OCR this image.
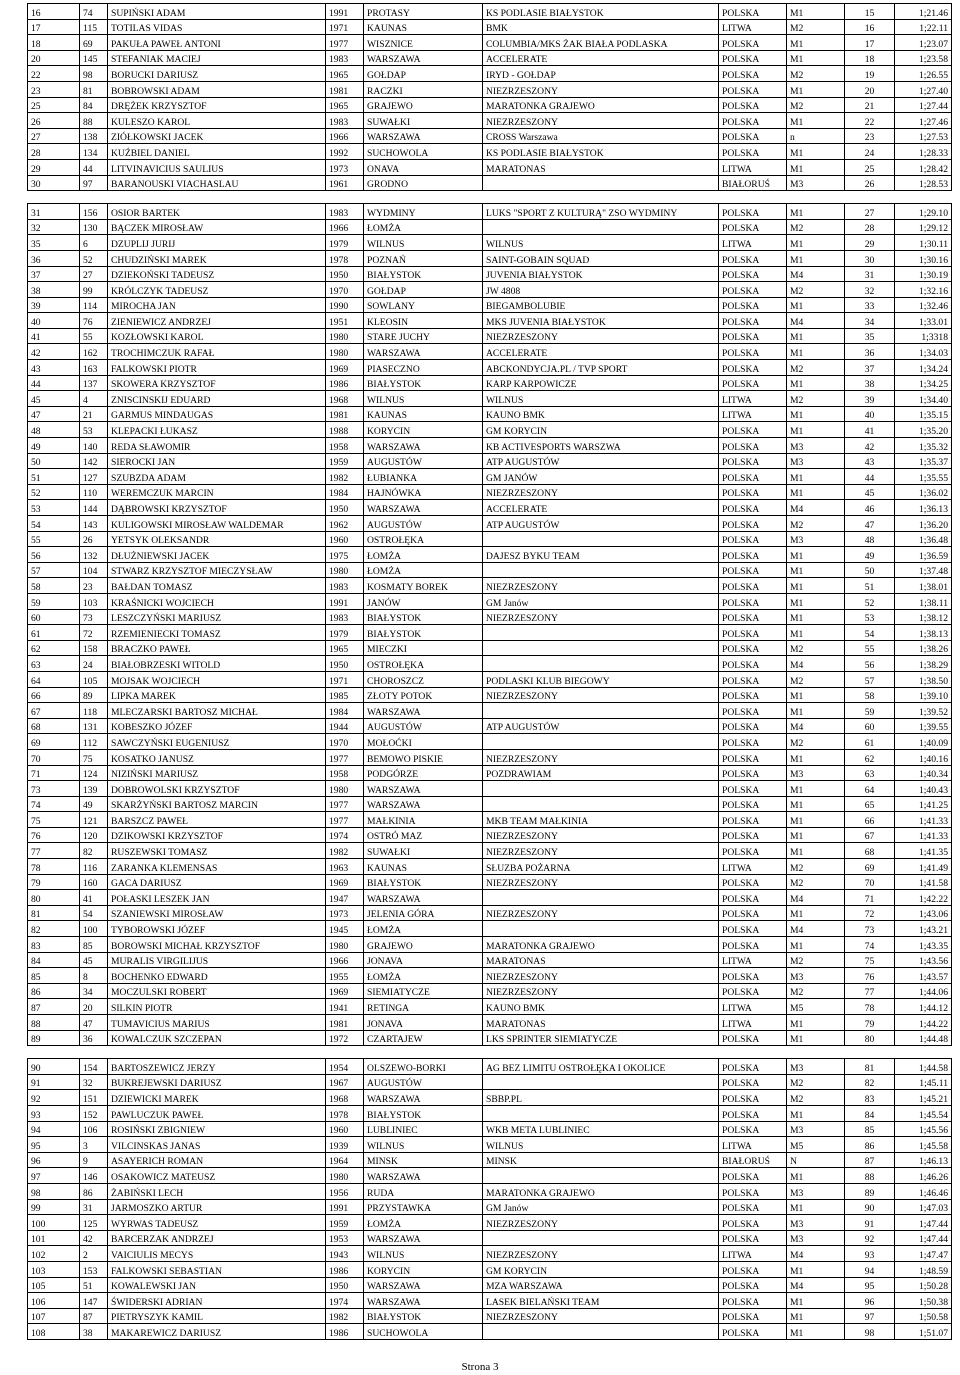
16	74	SUPIŃSKI ADAM	1991	PROTASY	KS PODLASIE BIAŁYSTOK	POLSKA	M1	15	1;21.46
17	115	TOTILAS VIDAS	1971	KAUNAS	BMK	LITWA	M2	16	1;22.11
18	69	PAKUŁA PAWEŁ ANTONI	1977	WISZNICE	COLUMBIA/MKS ŻAK BIAŁA PODLASKA	POLSKA	M1	17	1;23.07
20	145	STEFANIAK MACIEJ	1983	WARSZAWA	ACCELERATE	POLSKA	M1	18	1;23.58
22	98	BORUCKI DARIUSZ	1965	GOŁDAP	IRYD - GOŁDAP	POLSKA	M2	19	1;26.55
23	81	BOBROWSKI ADAM	1981	RACZKI	NIEZRZESZONY	POLSKA	M1	20	1;27.40
25	84	DRĘŻEK KRZYSZTOF	1965	GRAJEWO	MARATONKA GRAJEWO	POLSKA	M2	21	1;27.44
26	88	KULESZO KAROL	1983	SUWAŁKI	NIEZRZESZONY	POLSKA	M1	22	1;27.46
27	138	ZIÓŁKOWSKI JACEK	1966	WARSZAWA	CROSS Warszawa	POLSKA	n	23	1;27.53
28	134	KUŹBIEL DANIEL	1992	SUCHOWOLA	KS PODLASIE BIAŁYSTOK	POLSKA	M1	24	1;28.33
29	44	LITVINAVICIUS SAULIUS	1973	ONAVA	MARATONAS	LITWA	M1	25	1;28.42
30	97	BARANOUSKI VIACHASLAU	1961	GRODNO		BIAŁORUŚ	M3	26	1;28.53

31	156	OSIOR BARTEK	1983	WYDMINY	LUKS "SPORT Z KULTURĄ" ZSO WYDMINY	POLSKA	M1	27	1;29.10
32	130	BĄCZEK MIROSŁAW	1966	ŁOMŻA		POLSKA	M2	28	1;29.12
35	6	DZUPLIJ JURIJ	1979	WILNUS	WILNUS	LITWA	M1	29	1;30.11
36	52	CHUDZIŃSKI MAREK	1978	POZNAŃ	SAINT-GOBAIN SQUAD	POLSKA	M1	30	1;30.16
37	27	DZIEKOŃSKI TADEUSZ	1950	BIAŁYSTOK	JUVENIA BIAŁYSTOK	POLSKA	M4	31	1;30.19
38	99	KRÓLCZYK TADEUSZ	1970	GOŁDAP	JW 4808	POLSKA	M2	32	1;32.16
39	114	MIROCHA JAN	1990	SOWLANY	BIEGAMBOLUBIE	POLSKA	M1	33	1;32.46
40	76	ZIENIEWICZ ANDRZEJ	1951	KLEOSIN	MKS JUVENIA BIAŁYSTOK	POLSKA	M4	34	1;33.01
41	55	KOZŁOWSKI KAROL	1980	STARE JUCHY	NIEZRZESZONY	POLSKA	M1	35	1;3318
42	162	TROCHIMCZUK RAFAŁ	1980	WARSZAWA	ACCELERATE	POLSKA	M1	36	1;34.03
43	163	FALKOWSKI PIOTR	1969	PIASECZNO	ABCKONDYCJA.PL / TVP SPORT	POLSKA	M2	37	1;34.24
44	137	SKOWERA KRZYSZTOF	1986	BIAŁYSTOK	KARP KARPOWICZE	POLSKA	M1	38	1;34.25
45	4	ZNISCINSKIJ EDUARD	1968	WILNUS	WILNUS	LITWA	M2	39	1;34.40
47	21	GARMUS MINDAUGAS	1981	KAUNAS	KAUNO BMK	LITWA	M1	40	1;35.15
48	53	KLEPACKI ŁUKASZ	1988	KORYCIN	GM KORYCIN	POLSKA	M1	41	1;35.20
49	140	REDA SŁAWOMIR	1958	WARSZAWA	KB ACTIVESPORTS WARSZWA	POLSKA	M3	42	1;35.32
50	142	SIEROCKI JAN	1959	AUGUSTÓW	ATP AUGUSTÓW	POLSKA	M3	43	1;35.37
51	127	SZUBZDA ADAM	1982	ŁUBIANKA	GM JANÓW	POLSKA	M1	44	1;35.55
52	110	WEREMCZUK MARCIN	1984	HAJNÓWKA	NIEZRZESZONY	POLSKA	M1	45	1;36.02
53	144	DĄBROWSKI KRZYSZTOF	1950	WARSZAWA	ACCELERATE	POLSKA	M4	46	1;36.13
54	143	KULIGOWSKI MIROSŁAW WALDEMAR	1962	AUGUSTÓW	ATP AUGUSTÓW	POLSKA	M2	47	1;36.20
55	26	YETSYK OLEKSANDR	1960	OSTROŁĘKA		POLSKA	M3	48	1;36.48
56	132	DŁUŻNIEWSKI JACEK	1975	ŁOMŻA	DAJESZ BYKU TEAM	POLSKA	M1	49	1;36.59
57	104	STWARZ KRZYSZTOF MIECZYSŁAW	1980	ŁOMŻA		POLSKA	M1	50	1;37.48
58	23	BAŁDAN TOMASZ	1983	KOSMATY BOREK	NIEZRZESZONY	POLSKA	M1	51	1;38.01
59	103	KRAŚNICKI WOJCIECH	1991	JANÓW	GM Janów	POLSKA	M1	52	1;38.11
60	73	LESZCZYŃSKI MARIUSZ	1983	BIAŁYSTOK	NIEZRZESZONY	POLSKA	M1	53	1;38.12
61	72	RZEMIENIECKI TOMASZ	1979	BIAŁYSTOK		POLSKA	M1	54	1;38.13
62	158	BRACZKO PAWEŁ	1965	MIECZKI		POLSKA	M2	55	1;38.26
63	24	BIAŁOBRZESKI WITOLD	1950	OSTROŁĘKA		POLSKA	M4	56	1;38.29
64	105	MOJSAK WOJCIECH	1971	CHOROSZCZ	PODLASKI KLUB BIEGOWY	POLSKA	M2	57	1;38.50
66	89	LIPKA MAREK	1985	ZŁOTY POTOK	NIEZRZESZONY	POLSKA	M1	58	1;39.10
67	118	MLECZARSKI BARTOSZ MICHAŁ	1984	WARSZAWA		POLSKA	M1	59	1;39.52
68	131	KOBESZKO JÓZEF	1944	AUGUSTÓW	ATP AUGUSTÓW	POLSKA	M4	60	1;39.55
69	112	SAWCZYŃSKI EUGENIUSZ	1970	MOŁOĆKI		POLSKA	M2	61	1;40.09
70	75	KOSATKO JANUSZ	1977	BEMOWO PISKIE	NIEZRZESZONY	POLSKA	M1	62	1;40.16
71	124	NIZIŃSKI MARIUSZ	1958	PODGÓRZE	POZDRAWIAM	POLSKA	M3	63	1;40.34
73	139	DOBROWOLSKI KRZYSZTOF	1980	WARSZAWA		POLSKA	M1	64	1;40.43
74	49	SKARŻYŃSKI BARTOSZ MARCIN	1977	WARSZAWA		POLSKA	M1	65	1;41.25
75	121	BARSZCZ PAWEŁ	1977	MAŁKINIA	MKB TEAM MAŁKINIA	POLSKA	M1	66	1;41.33
76	120	DZIKOWSKI KRZYSZTOF	1974	OSTRÓ MAZ	NIEZRZESZONY	POLSKA	M1	67	1;41.33
77	82	RUSZEWSKI TOMASZ	1982	SUWAŁKI	NIEZRZESZONY	POLSKA	M1	68	1;41.35
78	116	ZARANKA KLEMENSAS	1963	KAUNAS	SŁUZBA POŻARNA	LITWA	M2	69	1;41.49
79	160	GACA DARIUSZ	1969	BIAŁYSTOK	NIEZRZESZONY	POLSKA	M2	70	1;41.58
80	41	POŁASKI LESZEK JAN	1947	WARSZAWA		POLSKA	M4	71	1;42.22
81	54	SZANIEWSKI MIROSŁAW	1973	JELENIA GÓRA	NIEZRZESZONY	POLSKA	M1	72	1;43.06
82	100	TYBOROWSKI JÓZEF	1945	ŁOMŻA		POLSKA	M4	73	1;43.21
83	85	BOROWSKI MICHAŁ KRZYSZTOF	1980	GRAJEWO	MARATONKA GRAJEWO	POLSKA	M1	74	1;43.35
84	45	MURALIS VIRGILIJUS	1966	JONAVA	MARATONAS	LITWA	M2	75	1;43.56
85	8	BOCHENKO EDWARD	1955	ŁOMŻA	NIEZRZESZONY	POLSKA	M3	76	1;43.57
86	34	MOCZULSKI ROBERT	1969	SIEMIATYCZE	NIEZRZESZONY	POLSKA	M2	77	1;44.06
87	20	SILKIN PIOTR	1941	RETINGA	KAUNO BMK	LITWA	M5	78	1;44.12
88	47	TUMAVICIUS MARIUS	1981	JONAVA	MARATONAS	LITWA	M1	79	1;44.22
89	36	KOWALCZUK SZCZEPAN	1972	CZARTAJEW	LKS SPRINTER SIEMIATYCZE	POLSKA	M1	80	1;44.48

90	154	BARTOSZEWICZ JERZY	1954	OLSZEWO-BORKI	AG BEZ LIMITU OSTROŁĘKA I OKOLICE	POLSKA	M3	81	1;44.58
91	32	BUKREJEWSKI DARIUSZ	1967	AUGUSTÓW		POLSKA	M2	82	1;45.11
92	151	DZIEWICKI MAREK	1968	WARSZAWA	SBBP.PL	POLSKA	M2	83	1;45.21
93	152	PAWLUCZUK PAWEŁ	1978	BIAŁYSTOK		POLSKA	M1	84	1;45.54
94	106	ROSIŃSKI ZBIGNIEW	1960	LUBLINIEC	WKB META LUBLINIEC	POLSKA	M3	85	1;45.56
95	3	VILCINSKAS JANAS	1939	WILNUS	WILNUS	LITWA	M5	86	1;45.58
96	9	ASAYERICH ROMAN	1964	MINSK	MINSK	BIAŁORUŚ	N	87	1;46.13
97	146	OSAKOWICZ MATEUSZ	1980	WARSZAWA		POLSKA	M1	88	1;46.26
98	86	ŻABIŃSKI LECH	1956	RUDA	MARATONKA GRAJEWO	POLSKA	M3	89	1;46.46
99	31	JARMOSZKO ARTUR	1991	PRZYSTAWKA	GM Janów	POLSKA	M1	90	1;47.03
100	125	WYRWAS TADEUSZ	1959	ŁOMŻA	NIEZRZESZONY	POLSKA	M3	91	1;47.44
101	42	BARCERZAK ANDRZEJ	1953	WARSZAWA		POLSKA	M3	92	1;47.44
102	2	VAICIULIS MECYS	1943	WILNUS	NIEZRZESZONY	LITWA	M4	93	1;47.47
103	153	FALKOWSKI SEBASTIAN	1986	KORYCIN	GM KORYCIN	POLSKA	M1	94	1;48.59
105	51	KOWALEWSKI JAN	1950	WARSZAWA	MZA WARSZAWA	POLSKA	M4	95	1;50.28
106	147	ŚWIDERSKI ADRIAN	1974	WARSZAWA	LASEK BIELAŃSKI TEAM	POLSKA	M1	96	1;50.38
107	87	PIETRYSZYK KAMIL	1982	BIAŁYSTOK	NIEZRZESZONY	POLSKA	M1	97	1;50.58
108	38	MAKAREWICZ DARIUSZ	1986	SUCHOWOLA		POLSKA	M1	98	1;51.07
Strona 3
